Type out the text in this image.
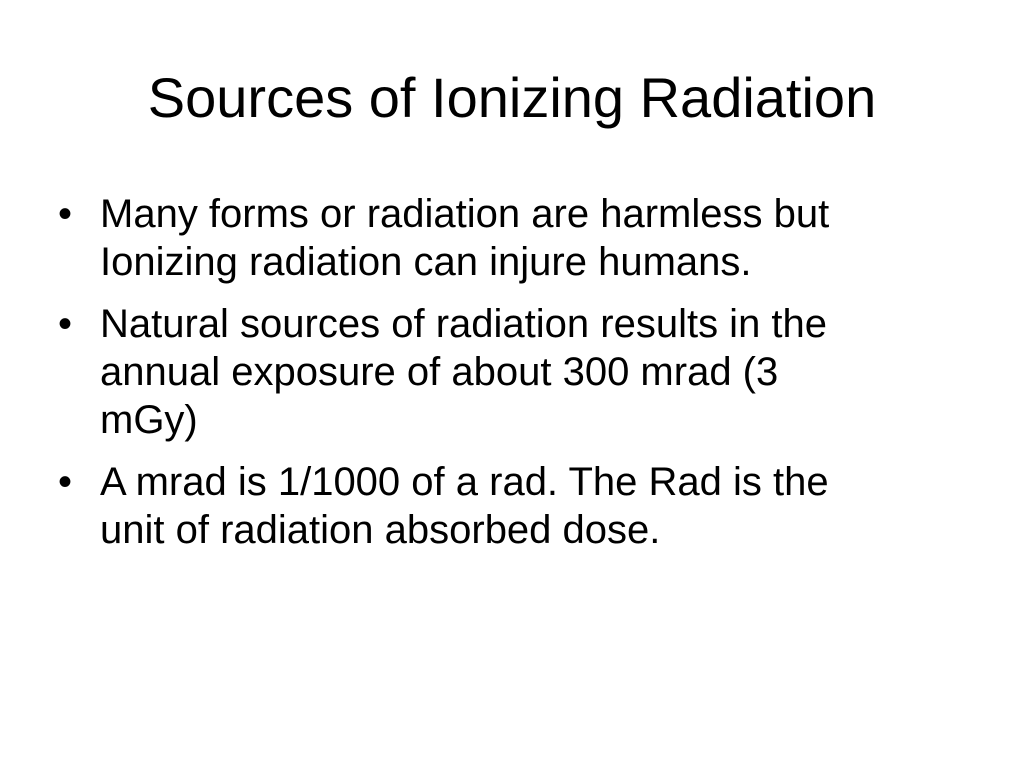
Sources of Ionizing Radiation
• Many forms or radiation are harmless but
Ionizing radiation can injure humans.

• Natural sources of radiation results in the
annual exposure of about 300 mrad (3
mGy)

• A mrad is 1/1000 of a rad. The Rad is the
unit of radiation absorbed dose.
